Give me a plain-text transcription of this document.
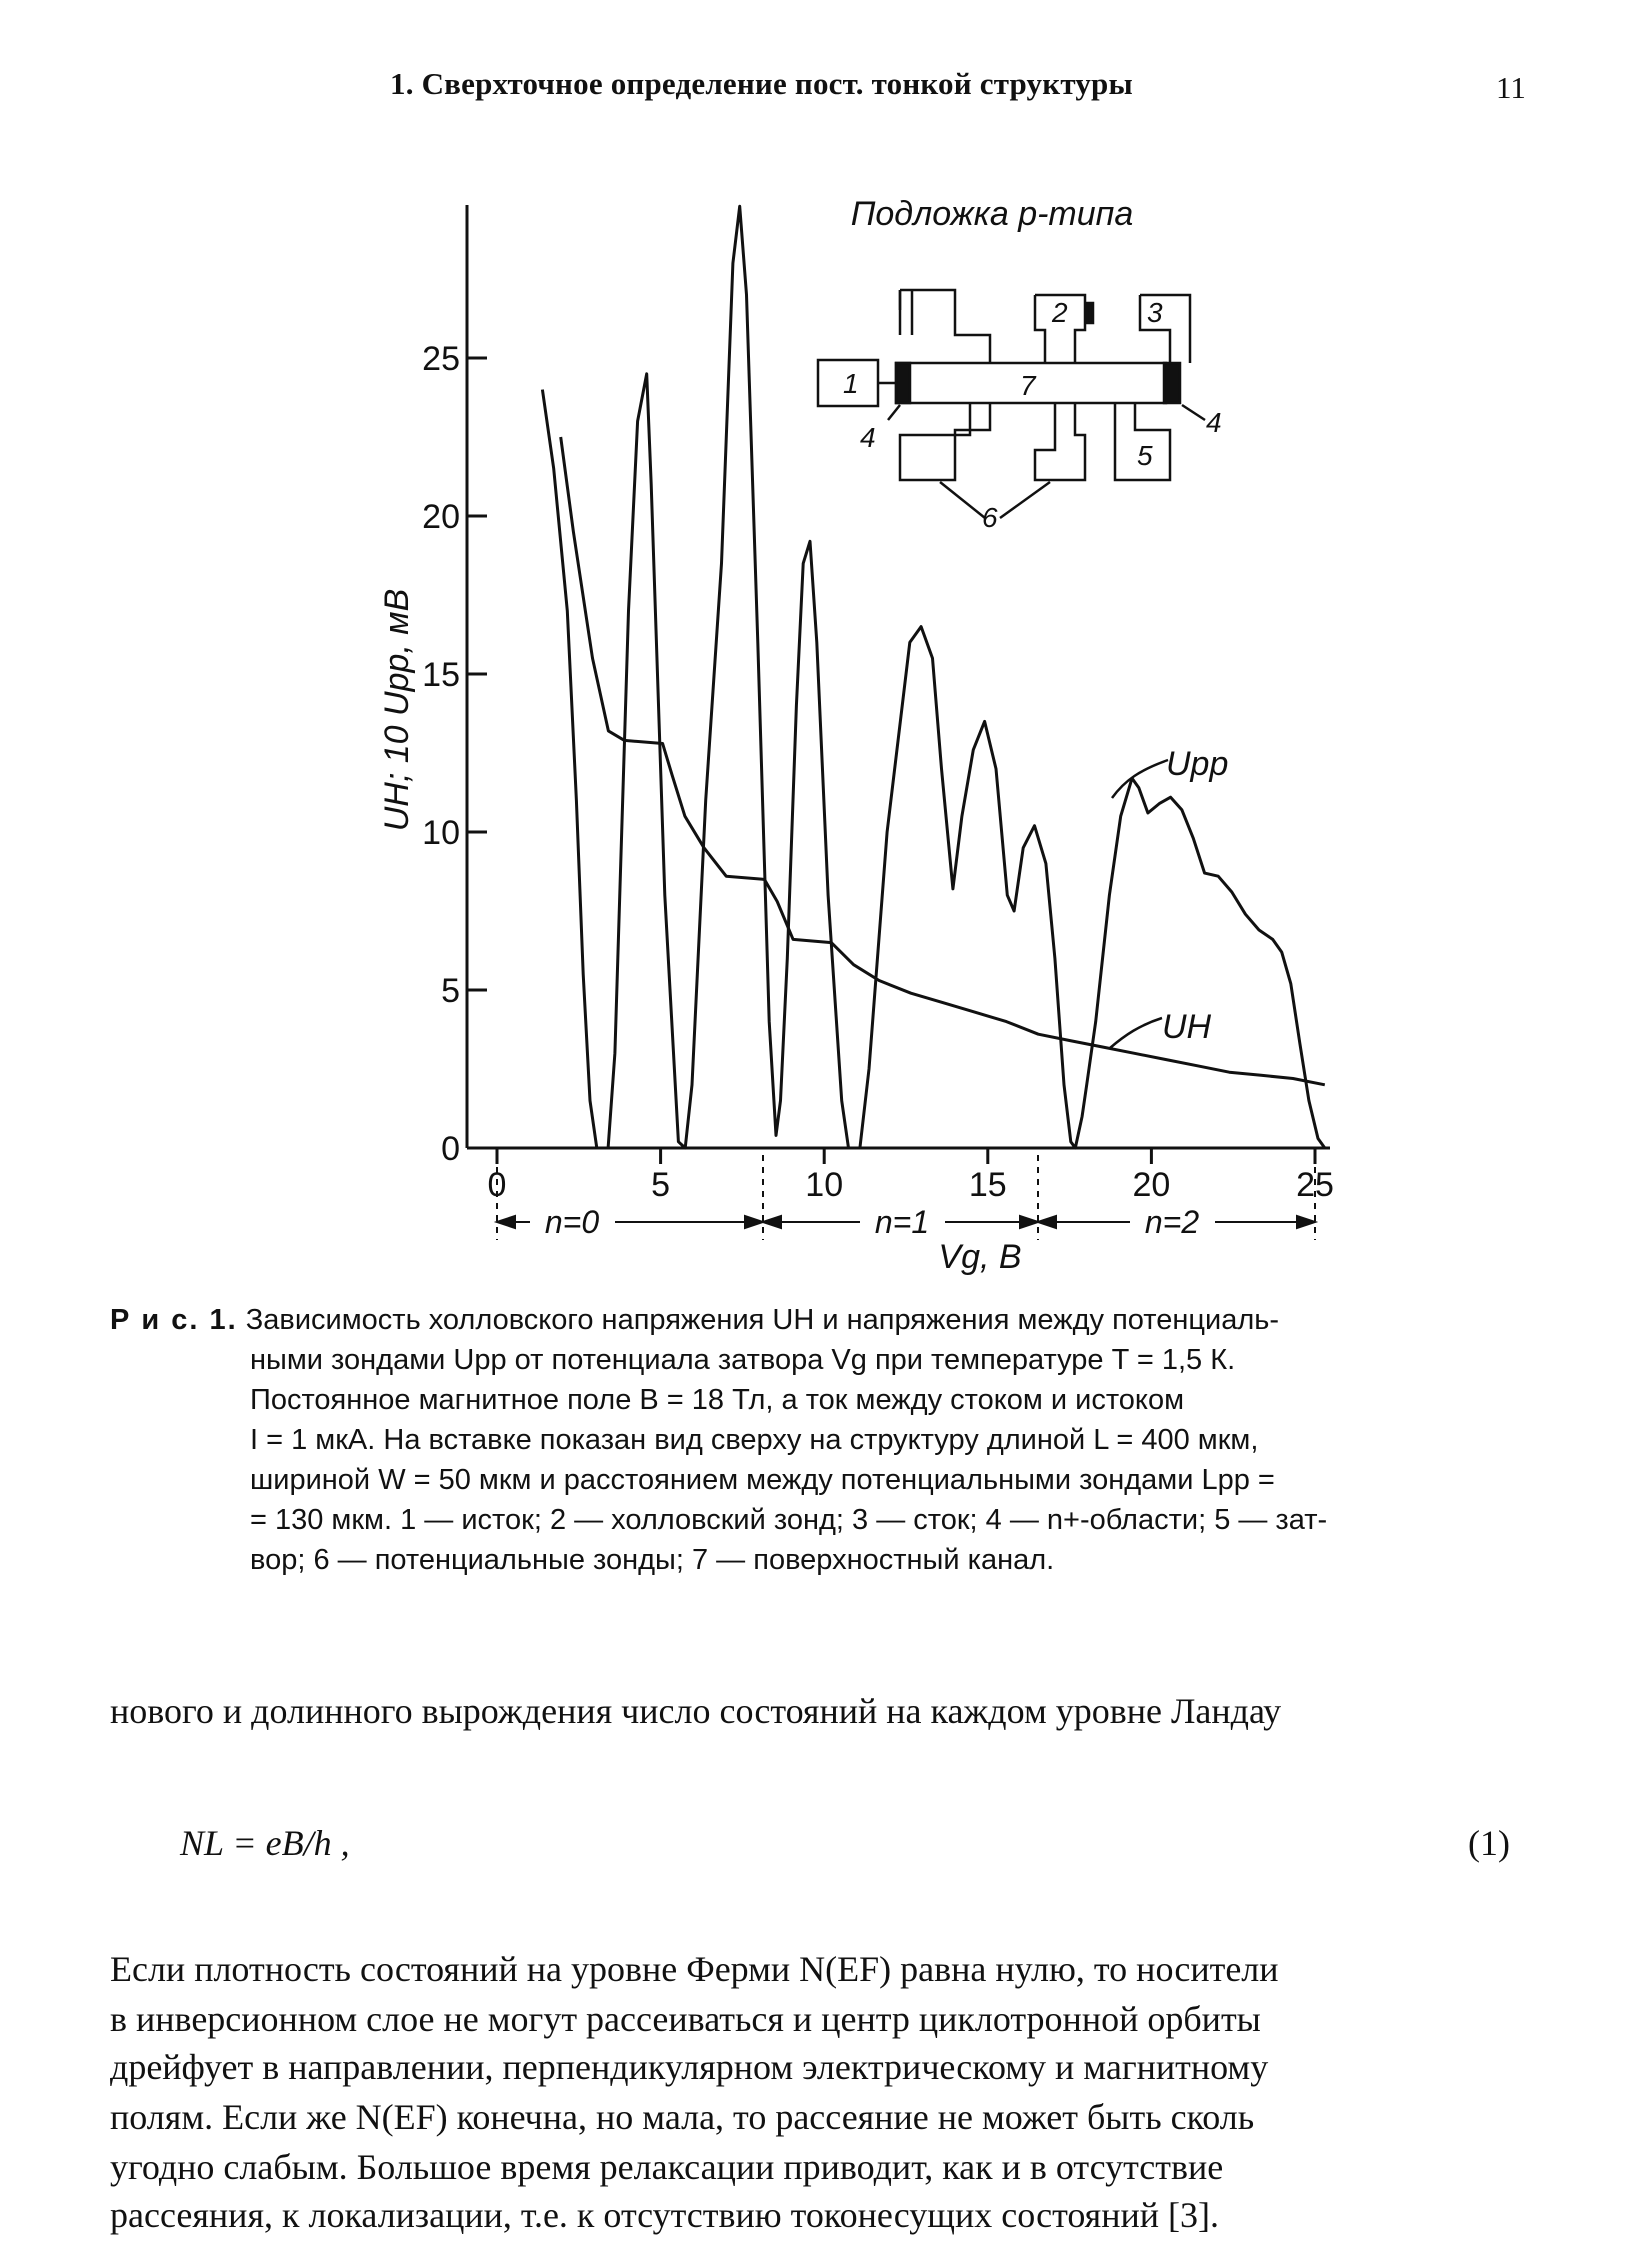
1. Сверхточное определение пост. тонкой структуры	11
0
5
10
15
20
25
0	5	10	15	20	25
UH; 10 Upp, мВ
Vg, В
Upp
UH
n=0	n=1	n=2
Подложка p-типа
1
2	3
4
5
6
7
4

Р и с. 1. Зависимость холловского напряжения UH и напряжения между потенциаль-

ными зондами Upp от потенциала затвора Vg при температуре T = 1,5 К.

Постоянное магнитное поле B = 18 Тл, а ток между стоком и истоком

I = 1 мкА. На вставке показан вид сверху на структуру длиной L = 400 мкм,

шириной W = 50 мкм и расстоянием между потенциальными зондами Lpp =

= 130 мкм. 1 — исток; 2 — холловский зонд; 3 — сток; 4 — n+-области; 5 — зат-

вор; 6 — потенциальные зонды; 7 — поверхностный канал.

нового и долинного вырождения число состояний на каждом уровне Ландау
NL = eB/h ,	(1)
Если плотность состояний на уровне Ферми N(EF) равна нулю, то носители
в инверсионном слое не могут рассеиваться и центр циклотронной орбиты
дрейфует в направлении, перпендикулярном электрическому и магнитному
полям. Если же N(EF) конечна, но мала, то рассеяние не может быть сколь
угодно слабым. Большое время релаксации приводит, как и в отсутствие
рассеяния, к локализации, т.е. к отсутствию токонесущих состояний [3].
